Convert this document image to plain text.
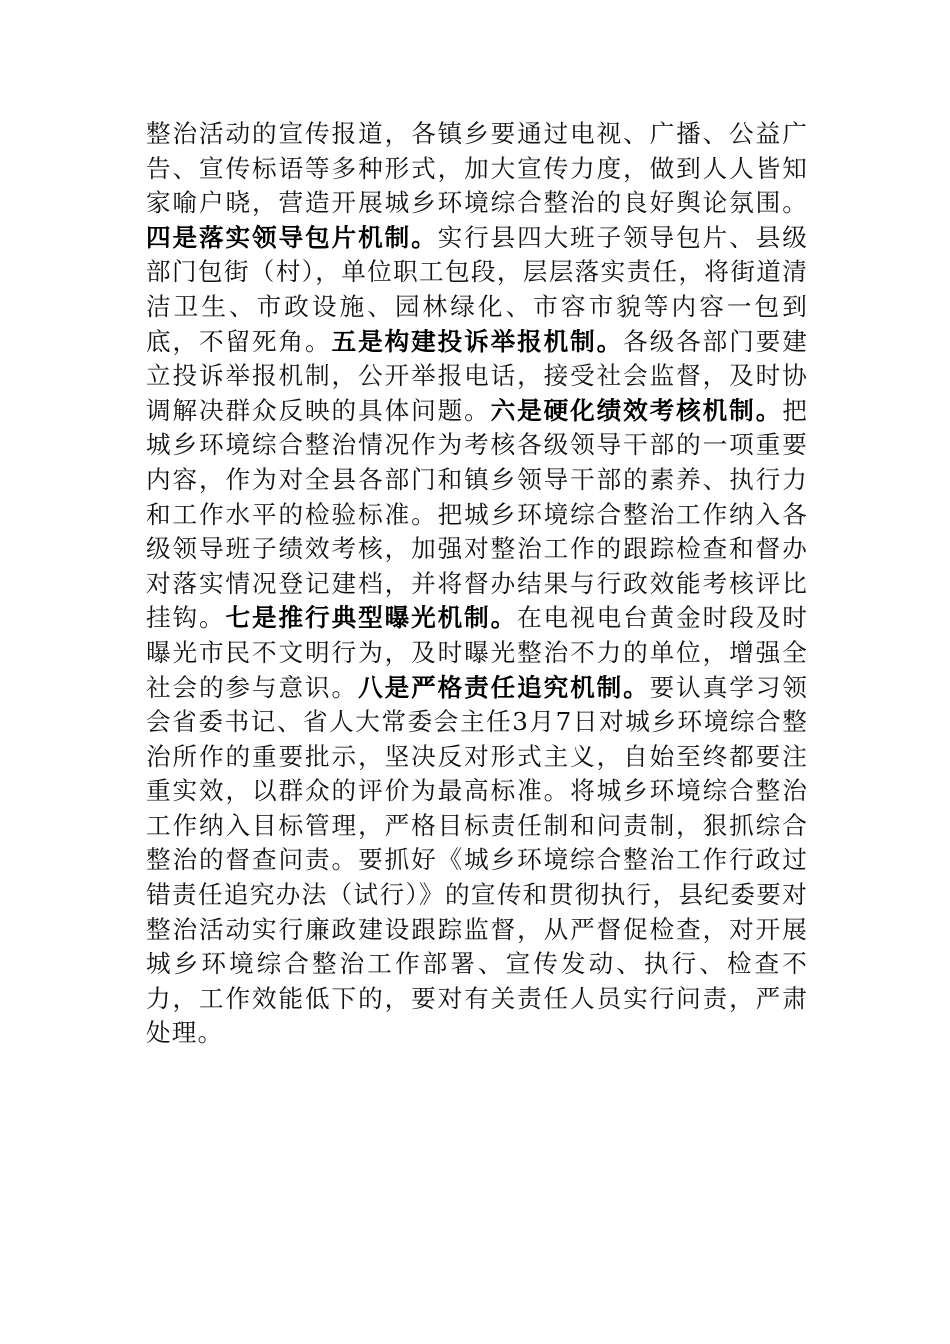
整治活动的宣传报道，各镇乡要通过电视、广播、公益广告、宣传标语等多种形式，加大宣传力度，做到人人皆知家喻户晓，营造开展城乡环境综合整治的良好舆论氛围。四是落实领导包片机制。实行县四大班子领导包片、县级部门包街（村），单位职工包段，层层落实责任，将街道清洁卫生、市政设施、园林绿化、市容市貌等内容一包到底，不留死角。五是构建投诉举报机制。各级各部门要建立投诉举报机制，公开举报电话，接受社会监督，及时协调解决群众反映的具体问题。六是硬化绩效考核机制。把城乡环境综合整治情况作为考核各级领导干部的一项重要内容，作为对全县各部门和镇乡领导干部的素养、执行力和工作水平的检验标准。把城乡环境综合整治工作纳入各级领导班子绩效考核，加强对整治工作的跟踪检查和督办对落实情况登记建档，并将督办结果与行政效能考核评比挂钩。七是推行典型曝光机制。在电视电台黄金时段及时曝光市民不文明行为，及时曝光整治不力的单位，增强全社会的参与意识。八是严格责任追究机制。要认真学习领会省委书记、省人大常委会主任3月7日对城乡环境综合整治所作的重要批示，坚决反对形式主义，自始至终都要注重实效，以群众的评价为最高标准。将城乡环境综合整治工作纳入目标管理，严格目标责任制和问责制，狠抓综合整治的督查问责。要抓好《城乡环境综合整治工作行政过错责任追究办法（试行）》的宣传和贯彻执行，县纪委要对整治活动实行廉政建设跟踪监督，从严督促检查，对开展城乡环境综合整治工作部署、宣传发动、执行、检查不力，工作效能低下的，要对有关责任人员实行问责，严肃处理。
